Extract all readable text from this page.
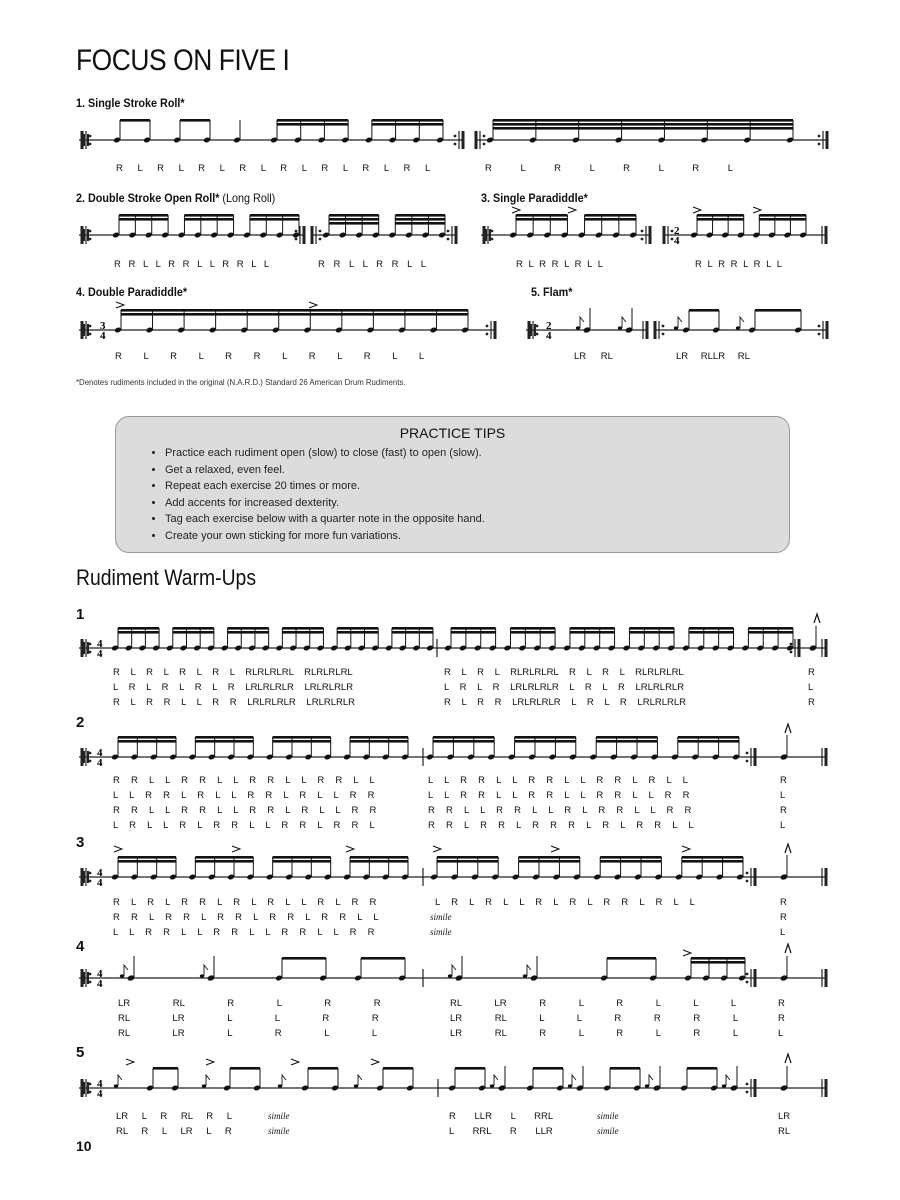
FOCUS ON FIVE I
1. Single Stroke Roll*
2. Double Stroke Open Roll* (Long Roll)	3. Single Paradiddle*
4. Double Paradiddle*	5. Flam*
R L R L R L R L R L R L R L R L	R L R L R L R L
R R L L R R L L R R L L	R R L L R R L L	R L R R L R L L	R L R R L R L L
R L R L R R L R L R L L	LR RL	LR RLLR RL
*Denotes rudiments included in the original (N.A.R.D.) Standard 26 American Drum Rudiments.
PRACTICE TIPS
• Practice each rudiment open (slow) to close (fast) to open (slow).
• Get a relaxed, even feel.
• Repeat each exercise 20 times or more.
• Add accents for increased dexterity.
• Tag each exercise below with a quarter note in the opposite hand.
• Create your own sticking for more fun variations.
Rudiment Warm-Ups
1
2
3
4
5
R L R L R L R L RLRLRLRL RLRLRLRL	R L R L RLRLRLRL R L R L RLRLRLRL	R
L R L R L R L R LRLRLRLR LRLRLRLR	L R L R LRLRLRLR L R L R LRLRLRLR	L
R L R R L L R R LRLRLRLR LRLRLRLR	R L R R LRLRLRLR L R L R LRLRLRLR	R
R R L L R R L L R R L L R R L L	L L R R L L R R L L R R L R L L	R
L L R R L R L L R R L R L L R R	L L R R L L R R L L R R L L R R	L
R R L L R R L L R R L R L L R R	R R L L R R L L R L R R L L R R	R
L R L L R L R R L L R R L R R L	R R L R R L R R R L R L R R L L	L
R L R L R R L R L R L L R L R R	L R L R L L R L R L R R L R L L	R
R R L R R L R R L R R L R R L L	simile	R
L L R R L L R R L L R R L L R R	simile	L
LR RL R L R R	RL LR R L R L L L	R
RL LR L L R R	LR RL L L R R R L	R
RL LR L R L L	LR RL R L R L R L	L
LR L R RL R L	simile	R LLR L RRL	simile	LR
RL R L LR L R	simile	L RRL R LLR	simile	RL
10
2
4
3
4
2
4
4
4
4
4
4
4
4
4
4
4
